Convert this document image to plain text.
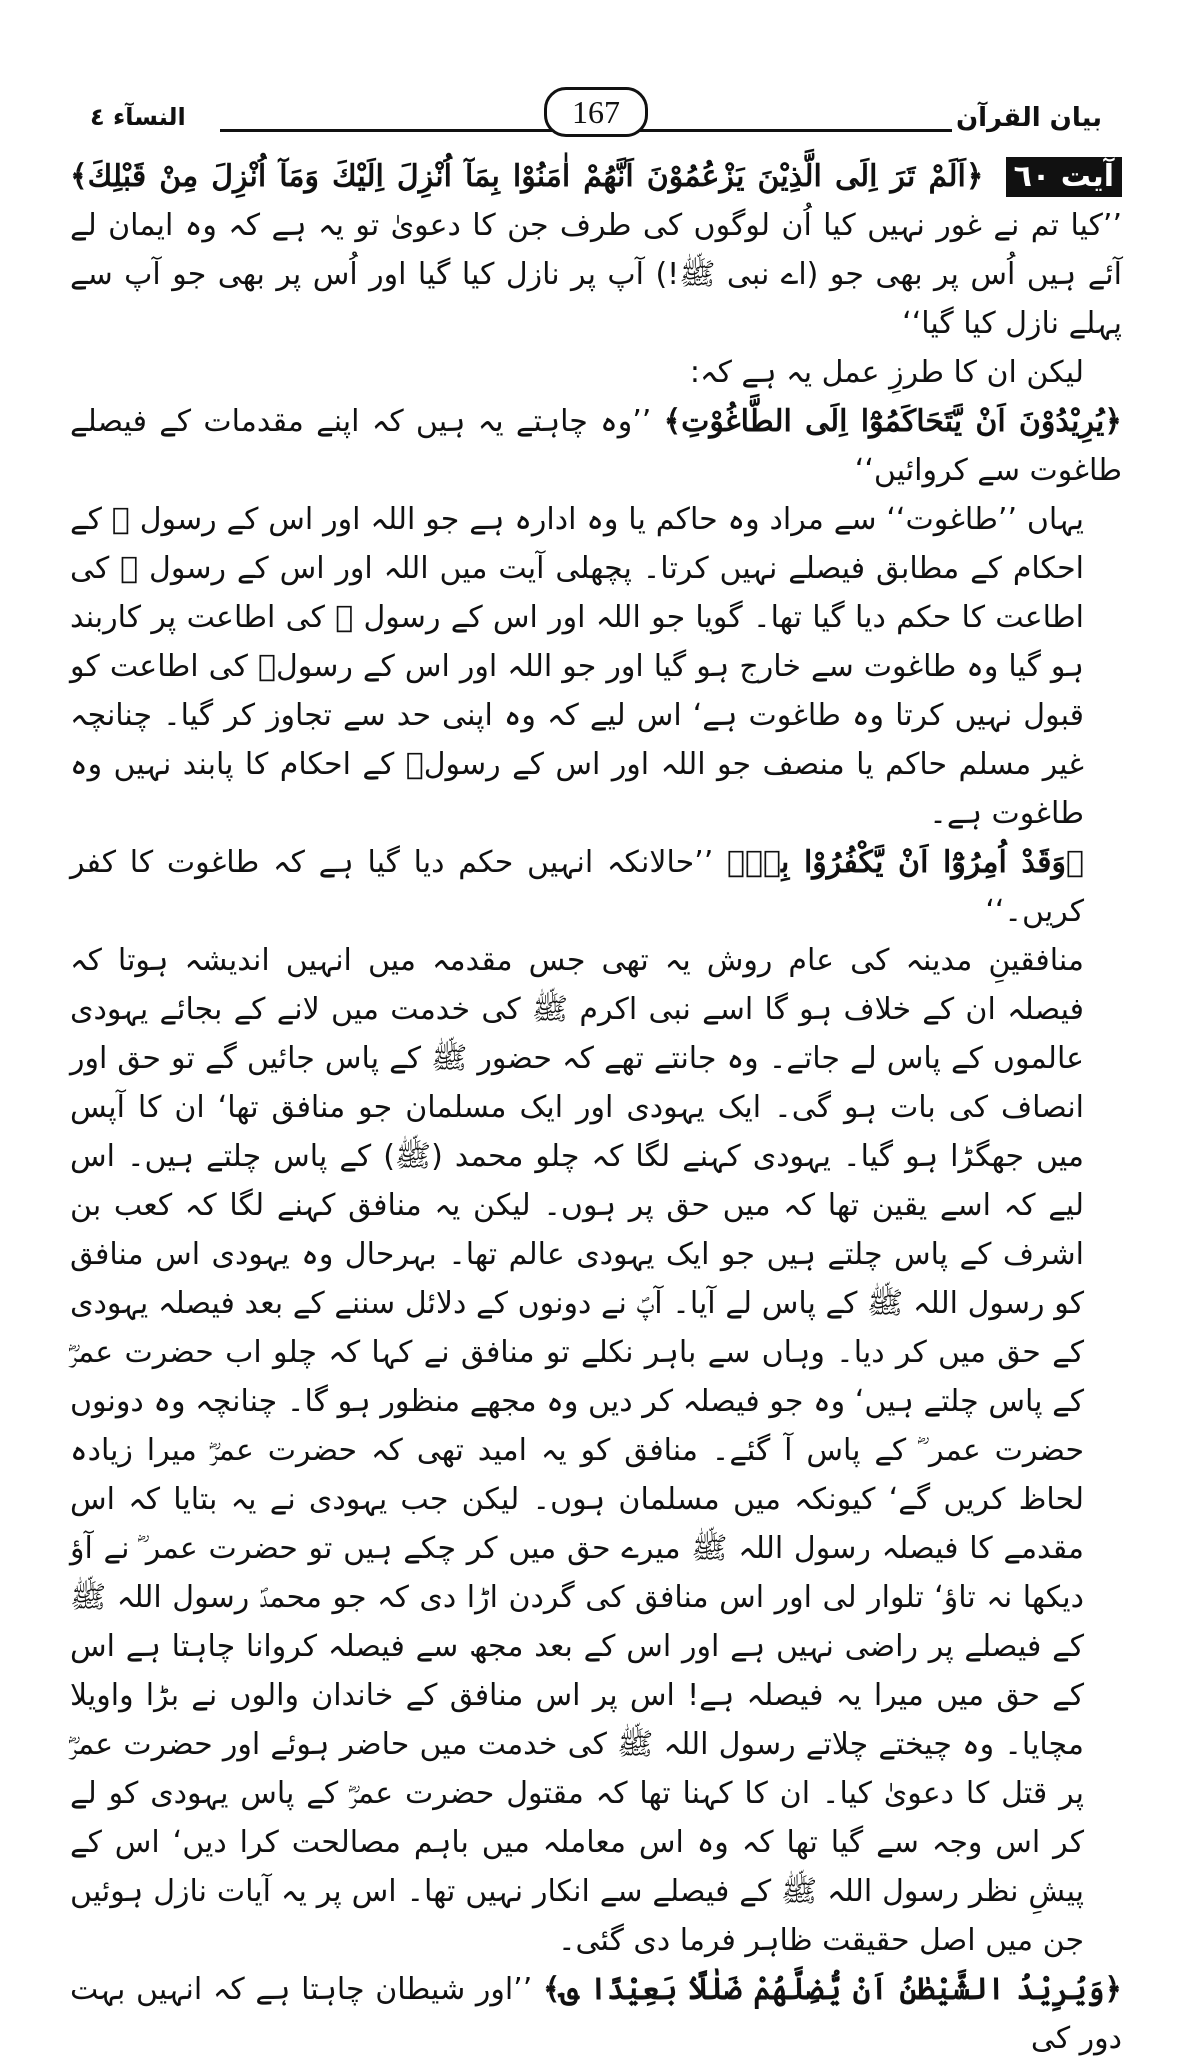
النسآء ٤	167	بیان القرآن

آیت ٦٠ ﴿اَلَمْ تَرَ اِلَی الَّذِیْنَ یَزْعُمُوْنَ اَنَّھُمْ اٰمَنُوْا بِمَآ اُنْزِلَ اِلَیْكَ وَمَآ اُنْزِلَ مِنْ قَبْلِكَ﴾ ’’کیا تم نے غور نہیں کیا اُن لوگوں کی طرف جن کا دعویٰ تو یہ ہے کہ وہ ایمان لے آئے ہیں اُس پر بھی جو (اے نبی ﷺ!) آپ پر نازل کیا گیا اور اُس پر بھی جو آپ سے پہلے نازل کیا گیا‘‘

لیکن ان کا طرزِ عمل یہ ہے کہ:

﴿یُرِیْدُوْنَ اَنْ یَّتَحَاکَمُوْٓا اِلَی الطَّاغُوْتِ﴾ ’’وہ چاہتے یہ ہیں کہ اپنے مقدمات کے فیصلے طاغوت سے کروائیں‘‘

یہاں ’’طاغوت‘‘ سے مراد وہ حاکم یا وہ ادارہ ہے جو اللہ اور اس کے رسول ؐ کے احکام کے مطابق فیصلے نہیں کرتا۔ پچھلی آیت میں اللہ اور اس کے رسول ﷺ کی اطاعت کا حکم دیا گیا تھا۔ گویا جو اللہ اور اس کے رسول ﷺ کی اطاعت پر کاربند ہو گیا وہ طاغوت سے خارج ہو گیا اور جو اللہ اور اس کے رسولؐ کی اطاعت کو قبول نہیں کرتا وہ طاغوت ہے‘ اس لیے کہ وہ اپنی حد سے تجاوز کر گیا۔ چنانچہ غیر مسلم حاکم یا منصف جو اللہ اور اس کے رسولؐ کے احکام کا پابند نہیں وہ طاغوت ہے۔

﴿وَقَدْ اُمِرُوْٓا اَنْ یَّکْفُرُوْا بِهٖ﴾ ’’حالانکہ انہیں حکم دیا گیا ہے کہ طاغوت کا کفر کریں۔‘‘

منافقینِ مدینہ کی عام روش یہ تھی جس مقدمہ میں انہیں اندیشہ ہوتا کہ فیصلہ ان کے خلاف ہو گا اسے نبی اکرم ﷺ کی خدمت میں لانے کے بجائے یہودی عالموں کے پاس لے جاتے۔ وہ جانتے تھے کہ حضور ﷺ کے پاس جائیں گے تو حق اور انصاف کی بات ہو گی۔ ایک یہودی اور ایک مسلمان جو منافق تھا‘ ان کا آپس میں جھگڑا ہو گیا۔ یہودی کہنے لگا کہ چلو محمد (ﷺ) کے پاس چلتے ہیں۔ اس لیے کہ اسے یقین تھا کہ میں حق پر ہوں۔ لیکن یہ منافق کہنے لگا کہ کعب بن اشرف کے پاس چلتے ہیں جو ایک یہودی عالم تھا۔ بہرحال وہ یہودی اس منافق کو رسول اللہ ﷺ کے پاس لے آیا۔ آپؐ نے دونوں کے دلائل سننے کے بعد فیصلہ یہودی کے حق میں کر دیا۔ وہاں سے باہر نکلے تو منافق نے کہا کہ چلو اب حضرت عمرؓ کے پاس چلتے ہیں‘ وہ جو فیصلہ کر دیں وہ مجھے منظور ہو گا۔ چنانچہ وہ دونوں حضرت عمر ؓ کے پاس آ گئے۔ منافق کو یہ امید تھی کہ حضرت عمرؓ میرا زیادہ لحاظ کریں گے‘ کیونکہ میں مسلمان ہوں۔ لیکن جب یہودی نے یہ بتایا کہ اس مقدمے کا فیصلہ رسول اللہ ﷺ میرے حق میں کر چکے ہیں تو حضرت عمر ؓ نے آؤ دیکھا نہ تاؤ‘ تلوار لی اور اس منافق کی گردن اڑا دی کہ جو محمدؐ رسول اللہ ﷺ کے فیصلے پر راضی نہیں ہے اور اس کے بعد مجھ سے فیصلہ کروانا چاہتا ہے اس کے حق میں میرا یہ فیصلہ ہے! اس پر اس منافق کے خاندان والوں نے بڑا واویلا مچایا۔ وہ چیختے چلاتے رسول اللہ ﷺ کی خدمت میں حاضر ہوئے اور حضرت عمرؓ پر قتل کا دعویٰ کیا۔ ان کا کہنا تھا کہ مقتول حضرت عمرؓ کے پاس یہودی کو لے کر اس وجہ سے گیا تھا کہ وہ اس معاملہ میں باہم مصالحت کرا دیں‘ اس کے پیشِ نظر رسول اللہ ﷺ کے فیصلے سے انکار نہیں تھا۔ اس پر یہ آیات نازل ہوئیں جن میں اصل حقیقت ظاہر فرما دی گئی۔

﴿وَیُرِیْدُ الشَّیْطٰنُ اَنْ یُّضِلَّھُمْ ضَلٰلًاۢ بَعِیْدًا ؈﴾ ’’اور شیطان چاہتا ہے کہ انہیں بہت دور کی
